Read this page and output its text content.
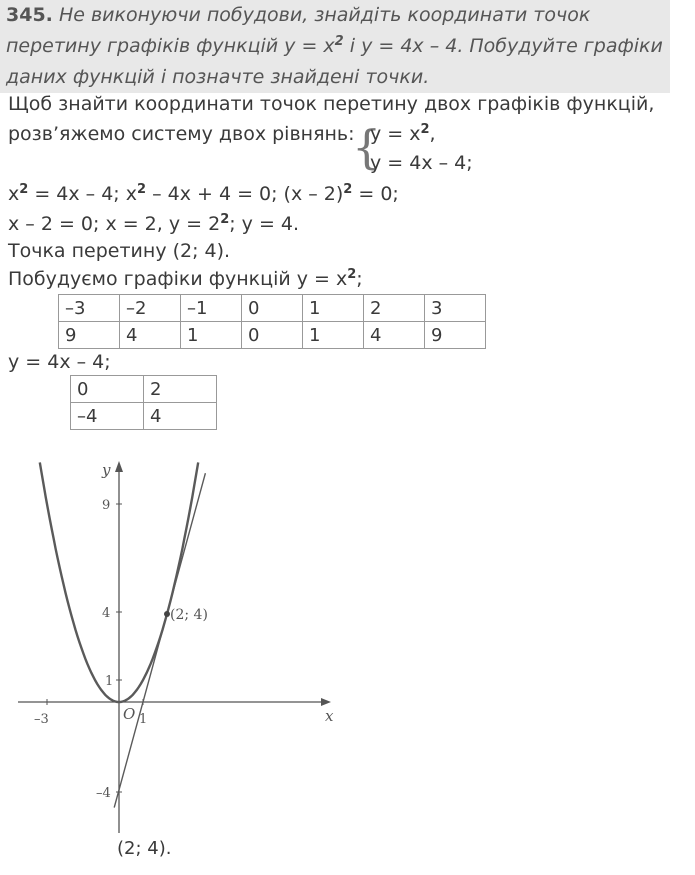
345. Не виконуючи побудови, знайдіть координати точок перетину графіків функцій $y = x^2$ і y = 4x – 4. Побудуйте графіки даних функцій і позначте знайдені точки.
Щоб знайти координати точок перетину двох графіків функцій,
розв’яжемо систему двох рівнянь:
{
$y = x^2$,
y = 4x – 4;
$x^2 = 4x - 4$; $x^2 - 4x + 4 = 0$; (x – 2)$^2$ = 0;
x – 2 = 0; x = 2, $y = 2^2$; y = 4.
Точка перетину (2; 4).
Побудуємо графіки функцій $y = x^2$;
–3	–2	–1	0	1	2	3
9	4	1	0	1	4	9
y = 4x – 4;
0	2
–4	4
x
y
O
–3	1
9
4
1
–4
(2; 4)
(2; 4).
